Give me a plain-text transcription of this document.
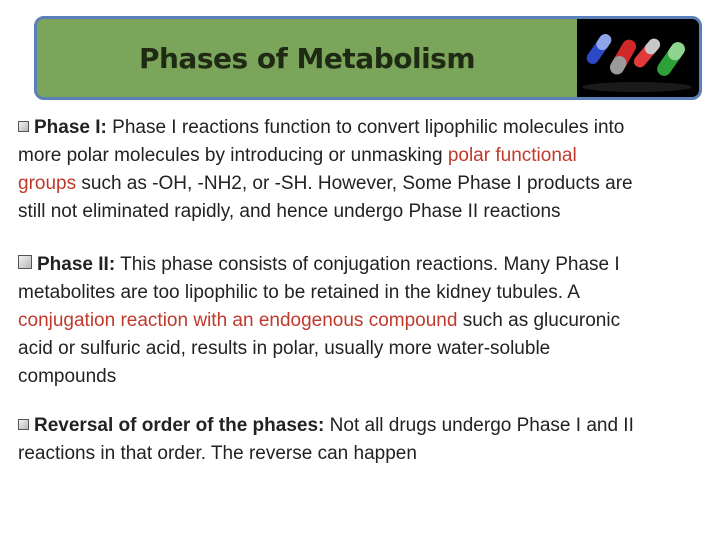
Phases of Metabolism
Phase I: Phase I reactions function to convert lipophilic molecules into
more polar molecules by introducing or unmasking polar functional
groups such as -OH, -NH2, or -SH. However, Some Phase I products are
still not eliminated rapidly, and hence undergo Phase II reactions
Phase II: This phase consists of conjugation reactions. Many Phase I
metabolites are too lipophilic to be retained in the kidney tubules. A
conjugation reaction with an endogenous compound such as glucuronic
acid or sulfuric acid, results in polar, usually more water-soluble
compounds
Reversal of order of the phases: Not all drugs undergo Phase I and II
reactions in that order. The reverse can happen
